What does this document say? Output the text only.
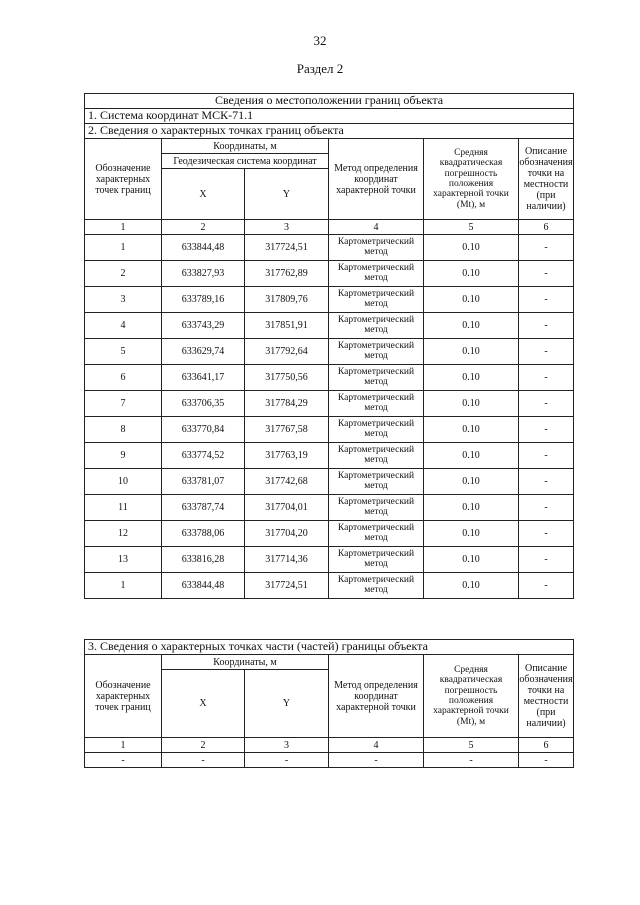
32
Раздел 2
Сведения о местоположении границ объекта					
1. Система координат МСК-71.1					
2. Сведения о характерных точках границ объекта					
Обозначение характерных точек границ	Координаты, м		Метод определения координат характерной точки	Средняя квадратическая погрешность положения характерной точки (Mt), м	Описание обозначения точки на местности (при наличии)
	Геодезическая система координат				
	X	Y			
1	2	3	4	5	6
1	633844,48	317724,51	Картометрический метод	0.10	-
2	633827,93	317762,89	Картометрический метод	0.10	-
3	633789,16	317809,76	Картометрический метод	0.10	-
4	633743,29	317851,91	Картометрический метод	0.10	-
5	633629,74	317792,64	Картометрический метод	0.10	-
6	633641,17	317750,56	Картометрический метод	0.10	-
7	633706,35	317784,29	Картометрический метод	0.10	-
8	633770,84	317767,58	Картометрический метод	0.10	-
9	633774,52	317763,19	Картометрический метод	0.10	-
10	633781,07	317742,68	Картометрический метод	0.10	-
11	633787,74	317704,01	Картометрический метод	0.10	-
12	633788,06	317704,20	Картометрический метод	0.10	-
13	633816,28	317714,36	Картометрический метод	0.10	-
1	633844,48	317724,51	Картометрический метод	0.10	-
3. Сведения о характерных точках части (частей) границы объекта					
Обозначение характерных точек границ	Координаты, м		Метод определения координат характерной точки	Средняя квадратическая погрешность положения характерной точки (Mt), м	Описание обозначения точки на местности (при наличии)
	X	Y			
1	2	3	4	5	6
-	-	-	-	-	-
